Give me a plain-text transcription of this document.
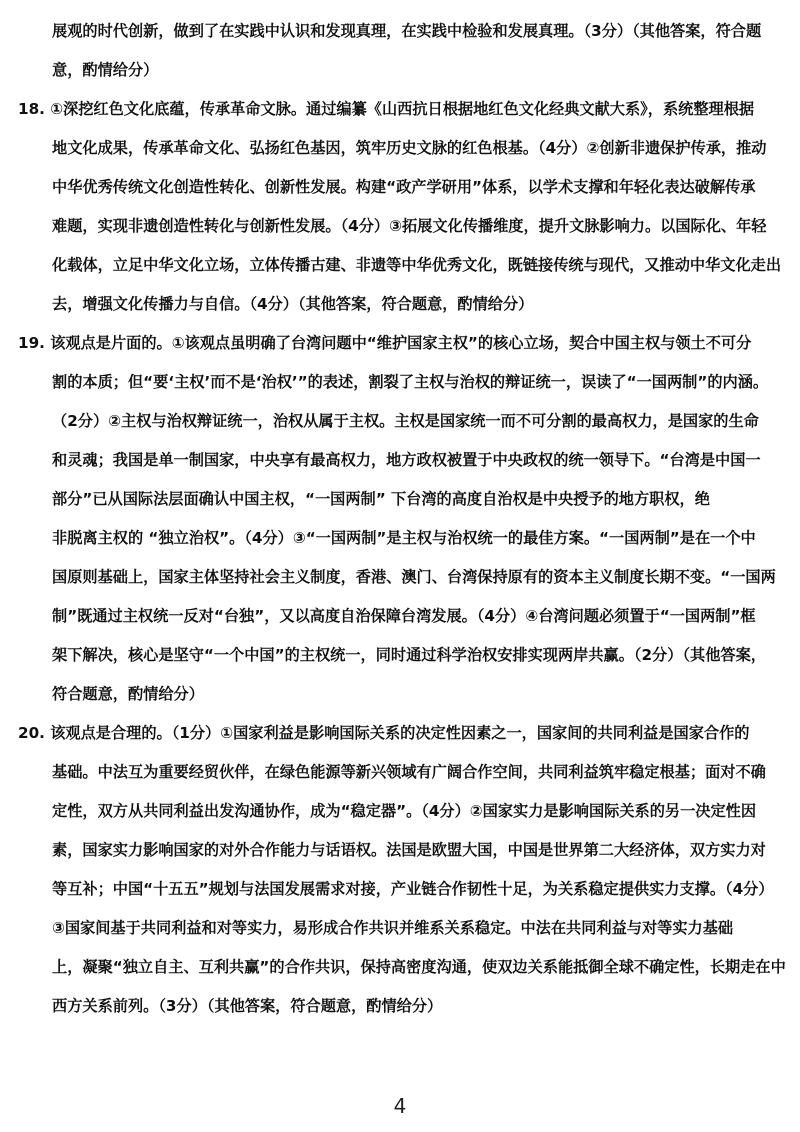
展观的时代创新，做到了在实践中认识和发现真理，在实践中检验和发展真理。（3分）（其他答案，符合题
意，酌情给分）
18. ①深挖红色文化底蕴，传承革命文脉。通过编纂《山西抗日根据地红色文化经典文献大系》，系统整理根据
地文化成果，传承革命文化、弘扬红色基因，筑牢历史文脉的红色根基。（4分）②创新非遗保护传承，推动
中华优秀传统文化创造性转化、创新性发展。构建“政产学研用”体系，以学术支撑和年轻化表达破解传承
难题，实现非遗创造性转化与创新性发展。（4分）③拓展文化传播维度，提升文脉影响力。以国际化、年轻
化载体，立足中华文化立场，立体传播古建、非遗等中华优秀文化，既链接传统与现代，又推动中华文化走出
去，增强文化传播力与自信。（4分）（其他答案，符合题意，酌情给分）
19. 该观点是片面的。①该观点虽明确了台湾问题中“维护国家主权”的核心立场，契合中国主权与领土不可分
割的本质；但“要‘主权’而不是‘治权’”的表述，割裂了主权与治权的辩证统一，误读了“一国两制”的内涵。
（2分）②主权与治权辩证统一，治权从属于主权。主权是国家统一而不可分割的最高权力，是国家的生命
和灵魂；我国是单一制国家，中央享有最高权力，地方政权被置于中央政权的统一领导下。“台湾是中国一
部分”已从国际法层面确认中国主权，“一国两制” 下台湾的高度自治权是中央授予的地方职权，绝
非脱离主权的 “独立治权”。（4分）③“一国两制”是主权与治权统一的最佳方案。“一国两制”是在一个中
国原则基础上，国家主体坚持社会主义制度，香港、澳门、台湾保持原有的资本主义制度长期不变。“一国两
制”既通过主权统一反对“台独”，又以高度自治保障台湾发展。（4分）④台湾问题必须置于“一国两制”框
架下解决，核心是坚守“一个中国”的主权统一，同时通过科学治权安排实现两岸共赢。（2分）（其他答案，
符合题意，酌情给分）
20. 该观点是合理的。（1分）①国家利益是影响国际关系的决定性因素之一，国家间的共同利益是国家合作的
基础。中法互为重要经贸伙伴，在绿色能源等新兴领域有广阔合作空间，共同利益筑牢稳定根基；面对不确
定性，双方从共同利益出发沟通协作，成为“稳定器”。（4分）②国家实力是影响国际关系的另一决定性因
素，国家实力影响国家的对外合作能力与话语权。法国是欧盟大国，中国是世界第二大经济体，双方实力对
等互补；中国“十五五”规划与法国发展需求对接，产业链合作韧性十足，为关系稳定提供实力支撑。（4分）
③国家间基于共同利益和对等实力，易形成合作共识并维系关系稳定。中法在共同利益与对等实力基础
上，凝聚“独立自主、互利共赢”的合作共识，保持高密度沟通，使双边关系能抵御全球不确定性，长期走在中
西方关系前列。（3分）（其他答案，符合题意，酌情给分）
4
